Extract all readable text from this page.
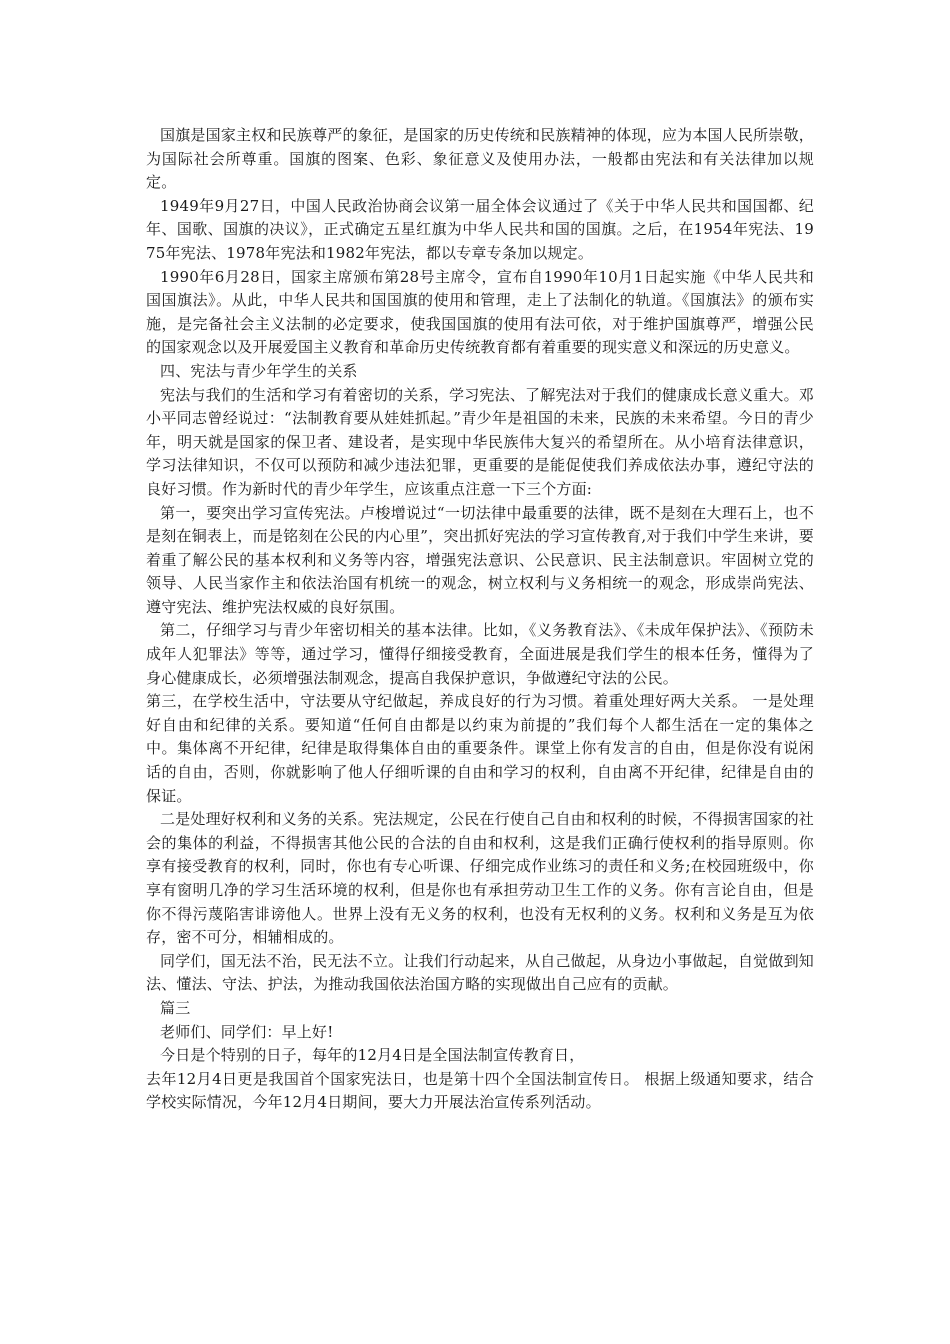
国旗是国家主权和民族尊严的象征，是国家的历史传统和民族精神的体现，应为本国人民所崇敬，为国际社会所尊重。国旗的图案、色彩、象征意义及使用办法，一般都由宪法和有关法律加以规定。

1949年9月27日，中国人民政治协商会议第一届全体会议通过了《关于中华人民共和国国都、纪年、国歌、国旗的决议》，正式确定五星红旗为中华人民共和国的国旗。之后，在1954年宪法、1975年宪法、1978年宪法和1982年宪法，都以专章专条加以规定。

1990年6月28日，国家主席颁布第28号主席令，宣布自1990年10月1日起实施《中华人民共和国国旗法》。从此，中华人民共和国国旗的使用和管理，走上了法制化的轨道。《国旗法》的颁布实施，是完备社会主义法制的必定要求，使我国国旗的使用有法可依，对于维护国旗尊严，增强公民的国家观念以及开展爱国主义教育和革命历史传统教育都有着重要的现实意义和深远的历史意义。

四、宪法与青少年学生的关系

宪法与我们的生活和学习有着密切的关系，学习宪法、了解宪法对于我们的健康成长意义重大。邓小平同志曾经说过：“法制教育要从娃娃抓起。”青少年是祖国的未来，民族的未来希望。今日的青少年，明天就是国家的保卫者、建设者，是实现中华民族伟大复兴的希望所在。从小培育法律意识，学习法律知识，不仅可以预防和减少违法犯罪，更重要的是能促使我们养成依法办事，遵纪守法的良好习惯。作为新时代的青少年学生，应该重点注意一下三个方面:

第一，要突出学习宣传宪法。卢梭增说过“一切法律中最重要的法律，既不是刻在大理石上，也不是刻在铜表上，而是铭刻在公民的内心里”，突出抓好宪法的学习宣传教育,对于我们中学生来讲，要着重了解公民的基本权利和义务等内容，增强宪法意识、公民意识、民主法制意识。牢固树立党的领导、人民当家作主和依法治国有机统一的观念，树立权利与义务相统一的观念，形成崇尚宪法、遵守宪法、维护宪法权威的良好氛围。

第二，仔细学习与青少年密切相关的基本法律。比如，《义务教育法》、《未成年保护法》、《预防未成年人犯罪法》等等，通过学习，懂得仔细接受教育，全面进展是我们学生的根本任务，懂得为了身心健康成长，必须增强法制观念，提高自我保护意识，争做遵纪守法的公民。

第三，在学校生活中，守法要从守纪做起，养成良好的行为习惯。着重处理好两大关系。 一是处理好自由和纪律的关系。要知道“任何自由都是以约束为前提的”我们每个人都生活在一定的集体之中。集体离不开纪律，纪律是取得集体自由的重要条件。课堂上你有发言的自由，但是你没有说闲话的自由，否则，你就影响了他人仔细听课的自由和学习的权利，自由离不开纪律，纪律是自由的保证。

二是处理好权利和义务的关系。宪法规定，公民在行使自己自由和权利的时候，不得损害国家的社会的集体的利益，不得损害其他公民的合法的自由和权利，这是我们正确行使权利的指导原则。你享有接受教育的权利，同时，你也有专心听课、仔细完成作业练习的责任和义务;在校园班级中，你享有窗明几净的学习生活环境的权利，但是你也有承担劳动卫生工作的义务。你有言论自由，但是你不得污蔑陷害诽谤他人。世界上没有无义务的权利，也没有无权利的义务。权利和义务是互为依存，密不可分，相辅相成的。

同学们，国无法不治，民无法不立。让我们行动起来，从自己做起，从身边小事做起，自觉做到知法、懂法、守法、护法，为推动我国依法治国方略的实现做出自己应有的贡献。

篇三

老师们、同学们：早上好!

今日是个特别的日子，每年的12月4日是全国法制宣传教育日，

去年12月4日更是我国首个国家宪法日，也是第十四个全国法制宣传日。 根据上级通知要求，结合学校实际情况，今年12月4日期间，要大力开展法治宣传系列活动。
